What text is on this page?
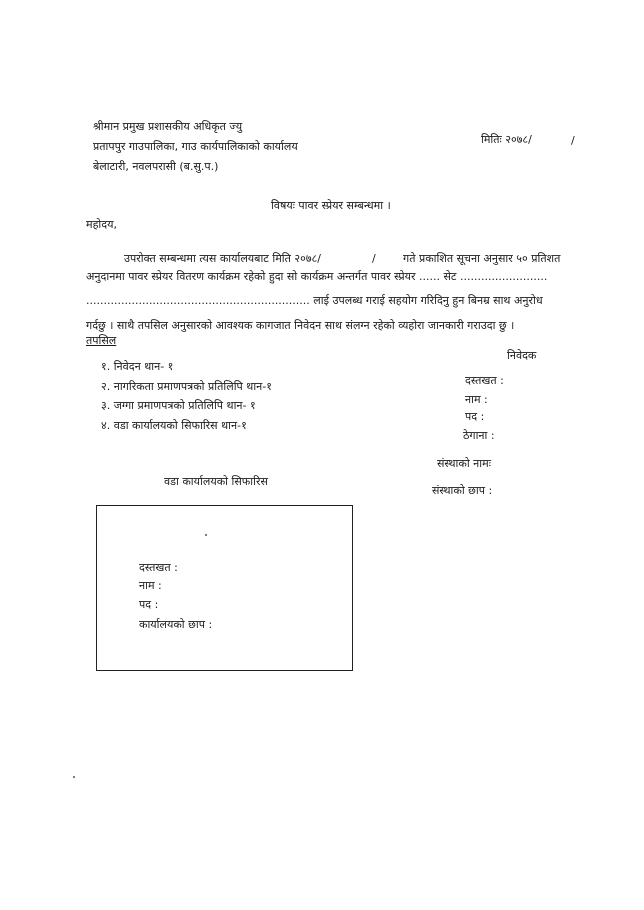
श्रीमान प्रमुख प्रशासकीय अधिकृत ज्यु
प्रतापपुर गाउपालिका, गाउ कार्यपालिकाको कार्यालय
बेलाटारी, नवलपरासी (ब.सु.प.)
मितिः २०७८/	/
विषयः पावर स्प्रेयर सम्बन्धमा ।
महोदय,
उपरोक्त सम्बन्धमा त्यस कार्यालयबाट मिति २०७८/	/ गते प्रकाशित सूचना अनुसार ५० प्रतिशत
अनुदानमा पावर स्प्रेयर वितरण कार्यक्रम रहेको हुदा सो कार्यक्रम अन्तर्गत पावर स्प्रेयर ...... सेट .........................
................................................................ लाई उपलब्ध गराई सहयोग गरिदिनु हुन बिनम्र साथ अनुरोध
गर्दछु । साथै तपसिल अनुसारको आवश्यक कागजात निवेदन साथ संलग्न रहेको व्यहोरा जानकारी गराउदा छु ।
तपसिल
१. निवेदन थान- १
२. नागरिकता प्रमाणपत्रको प्रतिलिपि थान-१
३. जग्गा प्रमाणपत्रको प्रतिलिपि थान- १
४. वडा कार्यालयको सिफारिस थान-१
निवेदक
दस्तखत :
नाम :
पद :
ठेगाना :
संस्थाको नामः
संस्थाको छाप :
वडा कार्यालयको सिफारिस
दस्तखत :
नाम :
पद :
कार्यालयको छाप :
